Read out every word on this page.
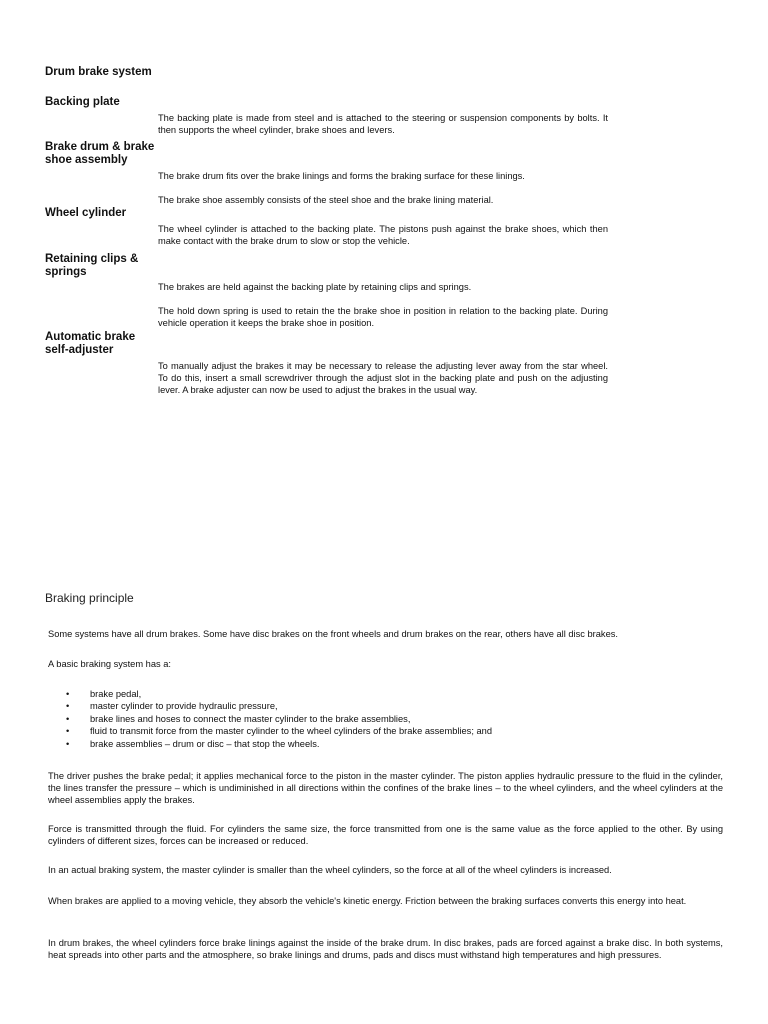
Drum brake system
Backing plate
The backing plate is made from steel and is attached to the steering or suspension components by bolts. It then supports the wheel cylinder, brake shoes and levers.
Brake drum & brake
shoe assembly
The brake drum fits over the brake linings and forms the braking surface for these linings.
The brake shoe assembly consists of the steel shoe and the brake lining material.
Wheel cylinder
The wheel cylinder is attached to the backing plate. The pistons push against the brake shoes, which then make contact with the brake drum to slow or stop the vehicle.
Retaining clips &
springs
The brakes are held against the backing plate by retaining clips and springs.
The hold down spring is used to retain the the brake shoe in position in relation to the backing plate. During vehicle operation it keeps the brake shoe in position.
Automatic brake
self-adjuster
To manually adjust the brakes it may be necessary to release the adjusting lever away from the star wheel. To do this, insert a small screwdriver through the adjust slot in the backing plate and push on the adjusting lever. A brake adjuster can now be used to adjust the brakes in the usual way.
Braking principle
Some systems have all drum brakes. Some have disc brakes on the front wheels and drum brakes on the rear, others have all disc brakes.
A basic braking system has a:
• brake pedal,
• master cylinder to provide hydraulic pressure,
• brake lines and hoses to connect the master cylinder to the brake assemblies,
• fluid to transmit force from the master cylinder to the wheel cylinders of the brake assemblies; and
• brake assemblies – drum or disc – that stop the wheels.
The driver pushes the brake pedal; it applies mechanical force to the piston in the master cylinder. The piston applies hydraulic pressure to the fluid in the cylinder, the lines transfer the pressure – which is undiminished in all directions within the confines of the brake lines – to the wheel cylinders, and the wheel cylinders at the wheel assemblies apply the brakes.
Force is transmitted through the fluid. For cylinders the same size, the force transmitted from one is the same value as the force applied to the other. By using cylinders of different sizes, forces can be increased or reduced.
In an actual braking system, the master cylinder is smaller than the wheel cylinders, so the force at all of the wheel cylinders is increased.
When brakes are applied to a moving vehicle, they absorb the vehicle's kinetic energy. Friction between the braking surfaces converts this energy into heat.
In drum brakes, the wheel cylinders force brake linings against the inside of the brake drum. In disc brakes, pads are forced against a brake disc. In both systems, heat spreads into other parts and the atmosphere, so brake linings and drums, pads and discs must withstand high temperatures and high pressures.
